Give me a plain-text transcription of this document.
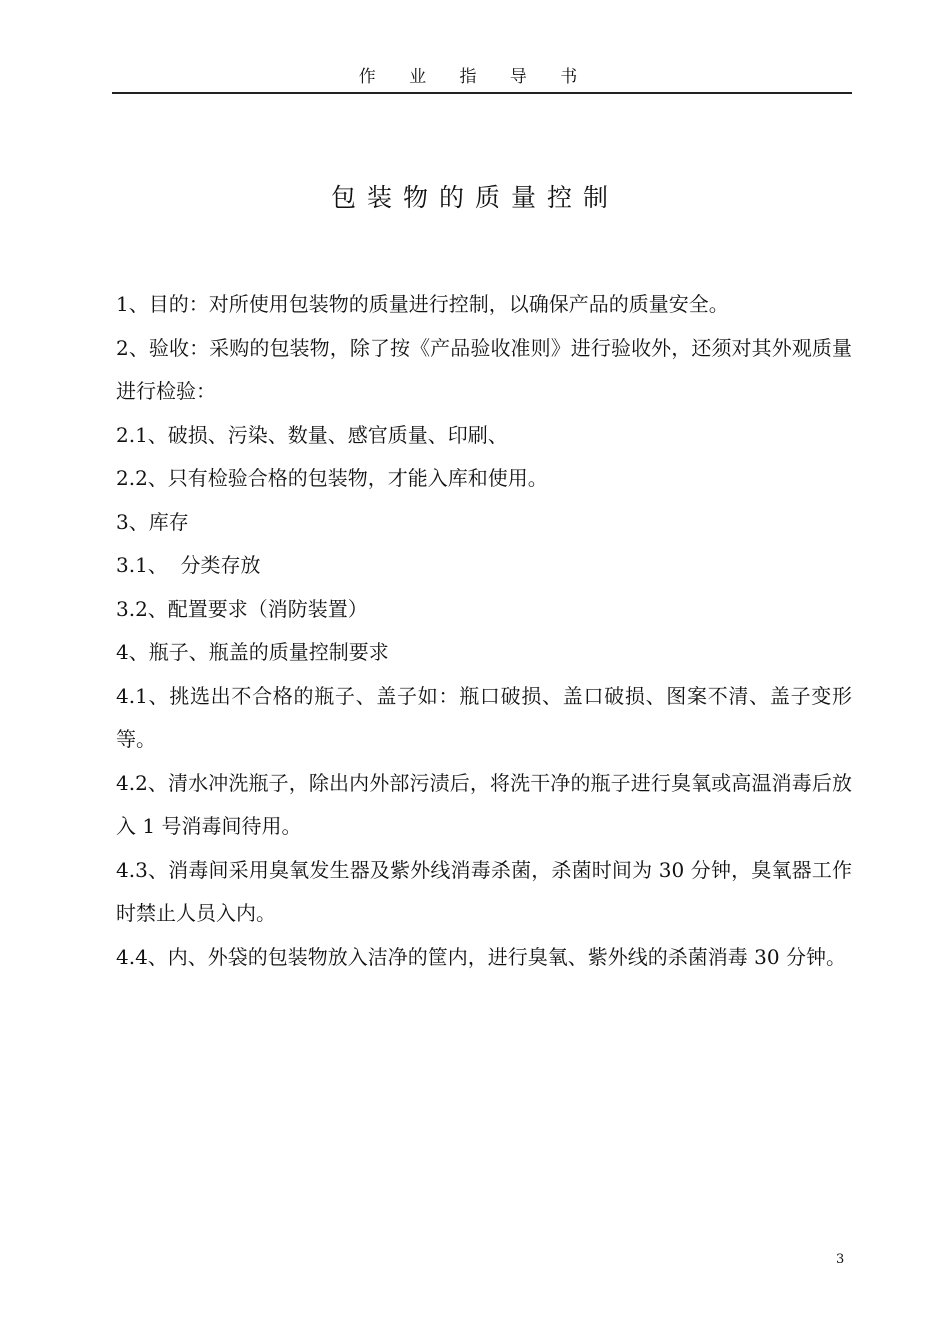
作 业 指 导 书
包装物的质量控制

1、目的：对所使用包装物的质量进行控制，以确保产品的质量安全。

2、验收：采购的包装物，除了按《产品验收准则》进行验收外，还须对其外观质量进行检验：

2.1、破损、污染、数量、感官质量、印刷、

2.2、只有检验合格的包装物，才能入库和使用。

3、库存

3.1、  分类存放

3.2、配置要求（消防装置）

4、瓶子、瓶盖的质量控制要求

4.1、挑选出不合格的瓶子、盖子如：瓶口破损、盖口破损、图案不清、盖子变形等。

4.2、清水冲洗瓶子，除出内外部污渍后，将洗干净的瓶子进行臭氧或高温消毒后放入 1 号消毒间待用。

4.3、消毒间采用臭氧发生器及紫外线消毒杀菌，杀菌时间为 30 分钟，臭氧器工作时禁止人员入内。

4.4、内、外袋的包装物放入洁净的筐内，进行臭氧、紫外线的杀菌消毒 30 分钟。

3
